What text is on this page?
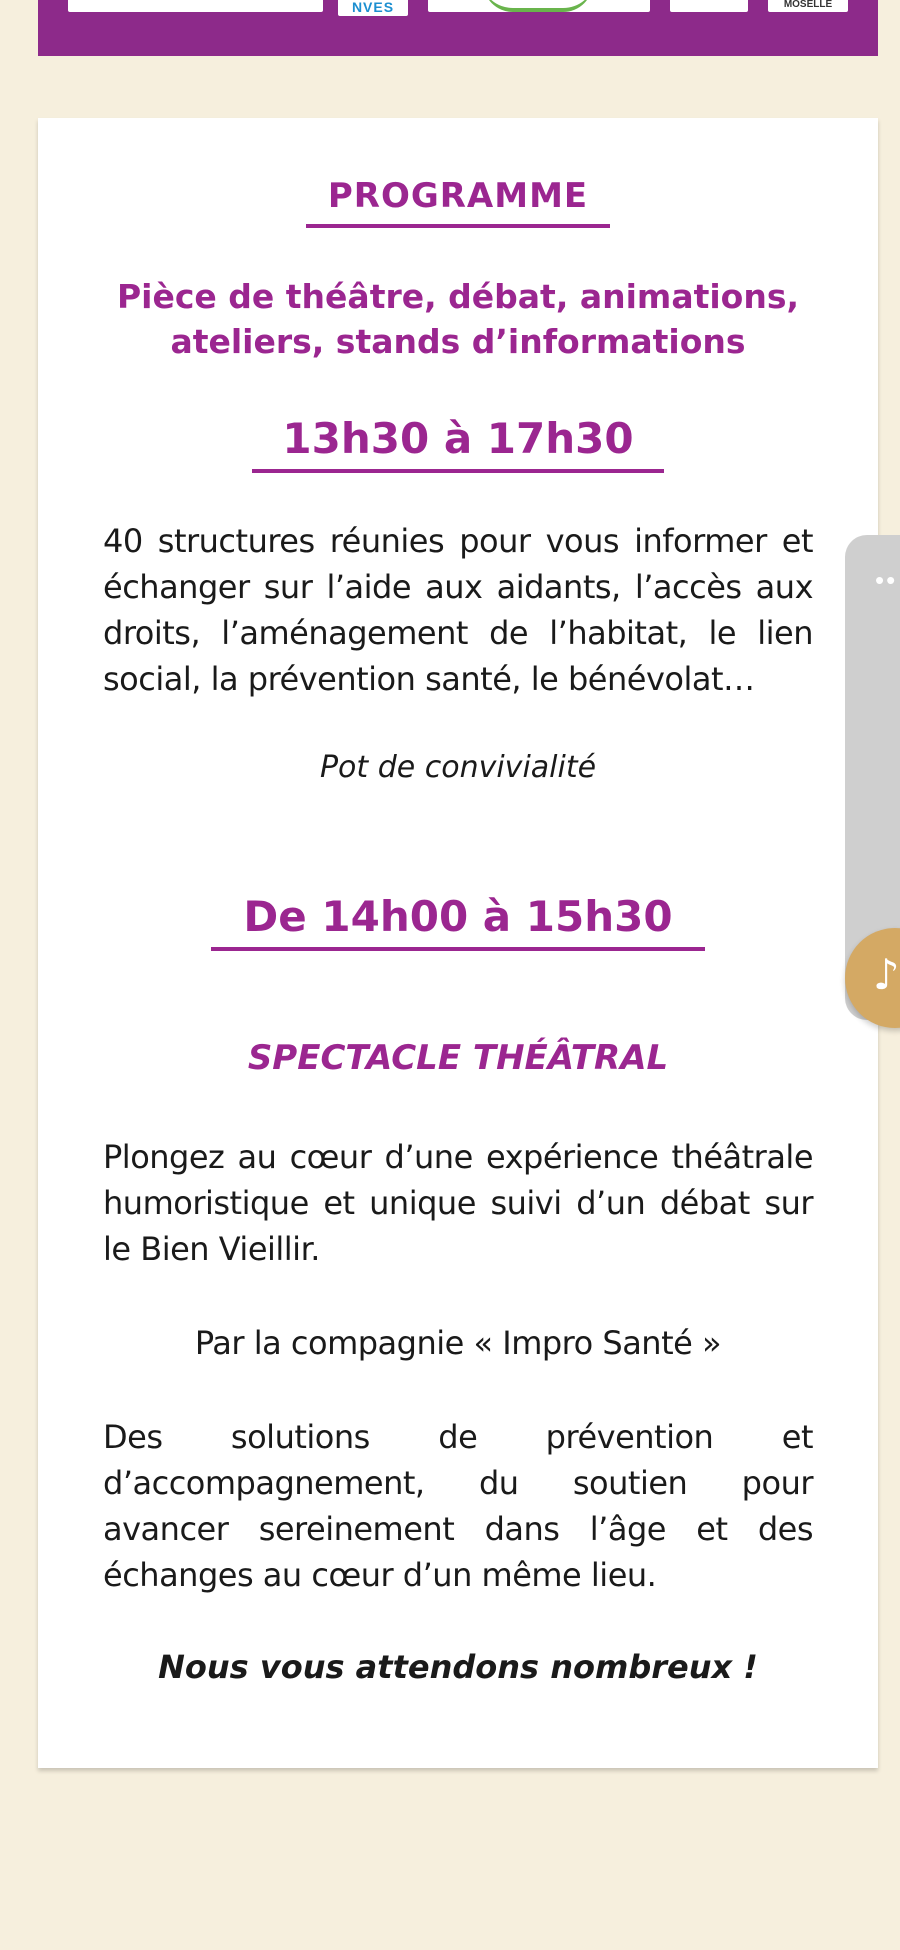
NVES	MOSELLE
PROGRAMME
Pièce de théâtre, débat, animations,
ateliers, stands d’informations
13h30 à 17h30
40 structures réunies pour vous informer et échanger sur l’aide aux aidants, l’accès aux droits, l’aménagement de l’habitat, le lien social, la prévention santé, le bénévolat…
Pot de convivialité
De 14h00 à 15h30
SPECTACLE THÉÂTRAL
Plongez au cœur d’une expérience théâtrale humoristique et unique suivi d’un débat sur le Bien Vieillir.
Par la compagnie « Impro Santé »
Des solutions de prévention et d’accompagnement, du soutien pour avancer sereinement dans l’âge et des échanges au cœur d’un même lieu.
Nous vous attendons nombreux !
••
♪
